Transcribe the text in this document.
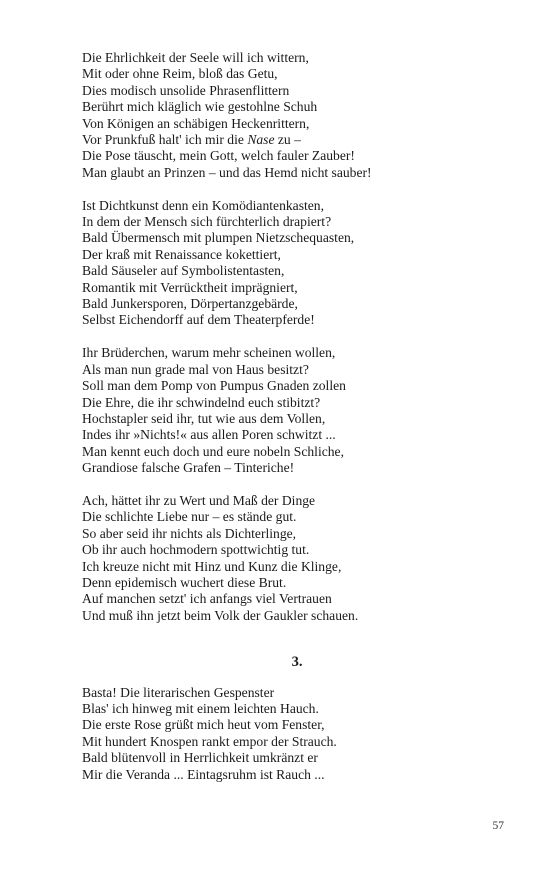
Die Ehrlichkeit der Seele will ich wittern,
Mit oder ohne Reim, bloß das Getu,
Dies modisch unsolide Phrasenflittern
Berührt mich kläglich wie gestohlne Schuh
Von Königen an schäbigen Heckenrittern,
Vor Prunkfuß halt' ich mir die Nase zu –
Die Pose täuscht, mein Gott, welch fauler Zauber!
Man glaubt an Prinzen – und das Hemd nicht sauber!
Ist Dichtkunst denn ein Komödiantenkasten,
In dem der Mensch sich fürchterlich drapiert?
Bald Übermensch mit plumpen Nietzschequasten,
Der kraß mit Renaissance kokettiert,
Bald Säuseler auf Symbolistentasten,
Romantik mit Verrücktheit imprägniert,
Bald Junkersporen, Dörpertanzgebärde,
Selbst Eichendorff auf dem Theaterpferde!
Ihr Brüderchen, warum mehr scheinen wollen,
Als man nun grade mal von Haus besitzt?
Soll man dem Pomp von Pumpus Gnaden zollen
Die Ehre, die ihr schwindelnd euch stibitzt?
Hochstapler seid ihr, tut wie aus dem Vollen,
Indes ihr »Nichts!« aus allen Poren schwitzt ...
Man kennt euch doch und eure nobeln Schliche,
Grandiose falsche Grafen – Tinteriche!
Ach, hättet ihr zu Wert und Maß der Dinge
Die schlichte Liebe nur – es stände gut.
So aber seid ihr nichts als Dichterlinge,
Ob ihr auch hochmodern spottwichtig tut.
Ich kreuze nicht mit Hinz und Kunz die Klinge,
Denn epidemisch wuchert diese Brut.
Auf manchen setzt' ich anfangs viel Vertrauen
Und muß ihn jetzt beim Volk der Gaukler schauen.
3.
Basta! Die literarischen Gespenster
Blas' ich hinweg mit einem leichten Hauch.
Die erste Rose grüßt mich heut vom Fenster,
Mit hundert Knospen rankt empor der Strauch.
Bald blütenvoll in Herrlichkeit umkränzt er
Mir die Veranda ... Eintagsruhm ist Rauch ...
57
